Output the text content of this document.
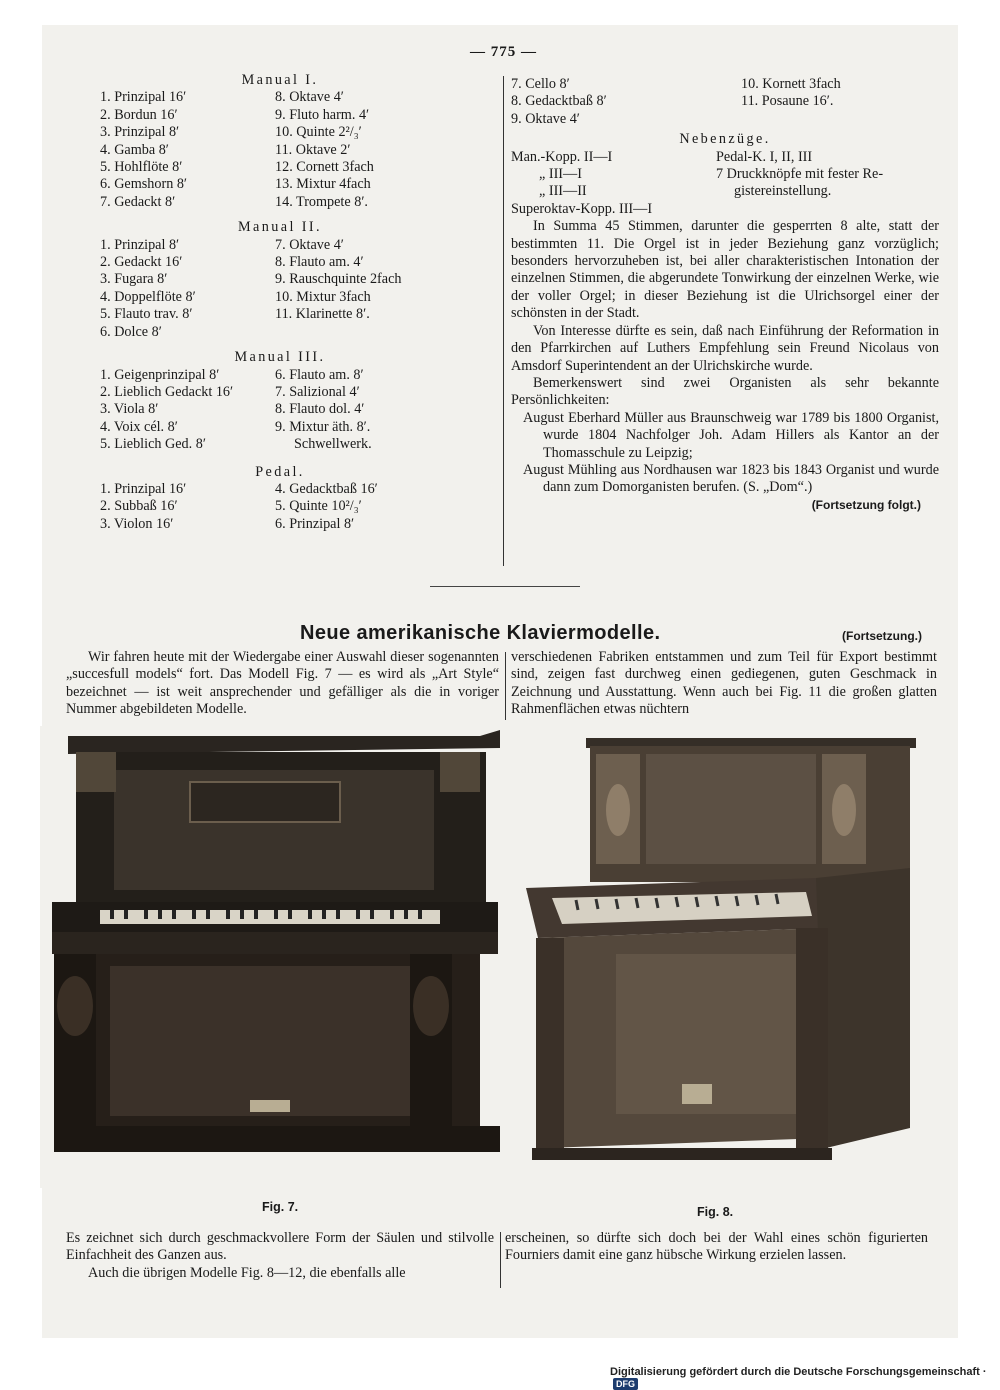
— 775 —
Manual I.
1. Prinzipal 16′	8. Oktave 4′
2. Bordun 16′	9. Fluto harm. 4′
3. Prinzipal 8′	10. Quinte 2²/₃′
4. Gamba 8′	11. Oktave 2′
5. Hohlflöte 8′	12. Cornett 3fach
6. Gemshorn 8′	13. Mixtur 4fach
7. Gedackt 8′	14. Trompete 8′.
Manual II.
1. Prinzipal 8′	7. Oktave 4′
2. Gedackt 16′	8. Flauto am. 4′
3. Fugara 8′	9. Rauschquinte 2fach
4. Doppelflöte 8′	10. Mixtur 3fach
5. Flauto trav. 8′	11. Klarinette 8′.
6. Dolce 8′
Manual III.
1. Geigenprinzipal 8′	6. Flauto am. 8′
2. Lieblich Gedackt 16′	7. Salizional 4′
3. Viola 8′	8. Flauto dol. 4′
4. Voix cél. 8′	9. Mixtur äth. 8′.
5. Lieblich Ged. 8′	Schwellwerk.
Pedal.
1. Prinzipal 16′	4. Gedacktbaß 16′
2. Subbaß 16′	5. Quinte 10²/₃′
3. Violon 16′	6. Prinzipal 8′
7. Cello 8′	10. Kornett 3fach
8. Gedacktbaß 8′	11. Posaune 16′.
9. Oktave 4′
Nebenzüge.
Man.-Kopp. II—I	Pedal-K. I, II, III
„ III—I	7 Druckknöpfe mit fester Re-
„ III—II	gistereinstellung.
Superoktav-Kopp. III—I
In Summa 45 Stimmen, darunter die gesperrten 8 alte, statt der bestimmten 11. Die Orgel ist in jeder Beziehung ganz vorzüglich; besonders hervorzuheben ist, bei aller charakteristischen Intonation der einzelnen Stimmen, die abgerundete Tonwirkung der einzelnen Werke, wie der voller Orgel; in dieser Beziehung ist die Ulrichsorgel einer der schönsten in der Stadt.
Von Interesse dürfte es sein, daß nach Einführung der Reformation in den Pfarrkirchen auf Luthers Empfehlung sein Freund Nicolaus von Amsdorf Superintendent an der Ulrichskirche wurde.
Bemerkenswert sind zwei Organisten als sehr bekannte Persönlichkeiten:
August Eberhard Müller aus Braunschweig war 1789 bis 1800 Organist, wurde 1804 Nachfolger Joh. Adam Hillers als Kantor an der Thomasschule zu Leipzig;
August Mühling aus Nordhausen war 1823 bis 1843 Organist und wurde dann zum Domorganisten berufen. (S. „Dom“.)
(Fortsetzung folgt.)
Neue amerikanische Klaviermodelle.	(Fortsetzung.)
Wir fahren heute mit der Wiedergabe einer Auswahl dieser sogenannten „succesfull models“ fort. Das Modell Fig. 7 — es wird als „Art Style“ bezeichnet — ist weit ansprechender und gefälliger als die in voriger Nummer abgebildeten Modelle.
verschiedenen Fabriken entstammen und zum Teil für Export bestimmt sind, zeigen fast durchweg einen gediegenen, guten Geschmack in Zeichnung und Ausstattung. Wenn auch bei Fig. 11 die großen glatten Rahmenflächen etwas nüchtern
Fig. 7.	Fig. 8.
Es zeichnet sich durch geschmackvollere Form der Säulen und stilvolle Einfachheit des Ganzen aus.
Auch die übrigen Modelle Fig. 8—12, die ebenfalls alle
erscheinen, so dürfte sich doch bei der Wahl eines schön figurierten Fourniers damit eine ganz hübsche Wirkung erzielen lassen.
Digitalisierung gefördert durch die Deutsche Forschungsgemeinschaft · DFG
